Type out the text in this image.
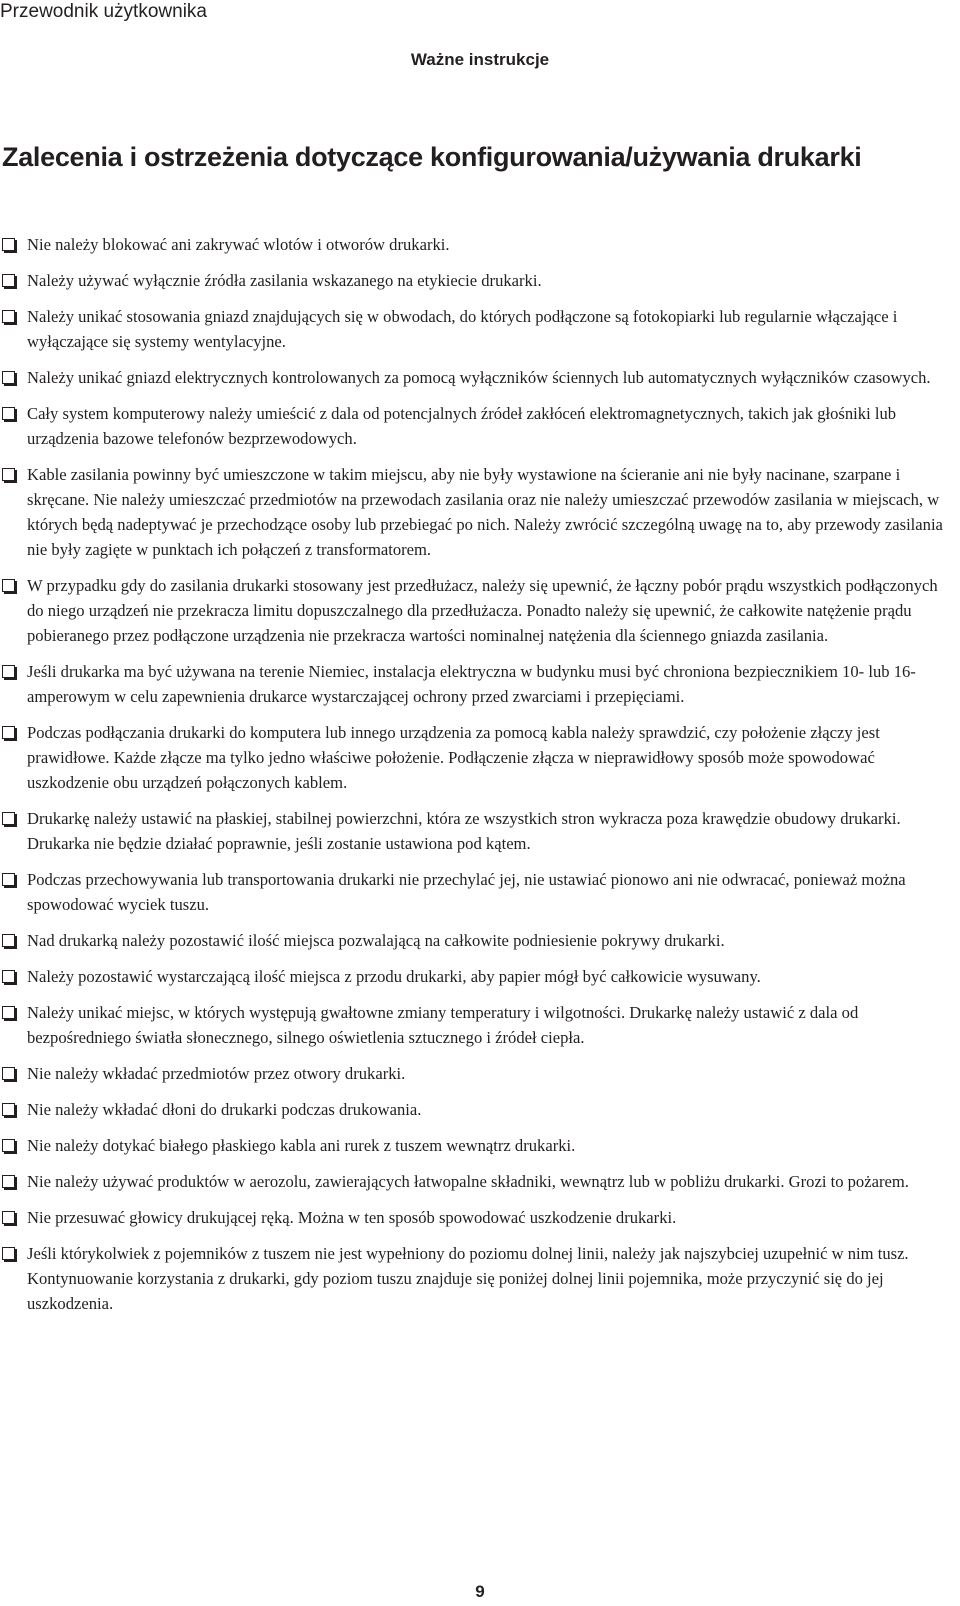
Przewodnik użytkownika
Ważne instrukcje
Zalecenia i ostrzeżenia dotyczące konfigurowania/używania drukarki
Nie należy blokować ani zakrywać wlotów i otworów drukarki.
Należy używać wyłącznie źródła zasilania wskazanego na etykiecie drukarki.
Należy unikać stosowania gniazd znajdujących się w obwodach, do których podłączone są fotokopiarki lub regularnie włączające i wyłączające się systemy wentylacyjne.
Należy unikać gniazd elektrycznych kontrolowanych za pomocą wyłączników ściennych lub automatycznych wyłączników czasowych.
Cały system komputerowy należy umieścić z dala od potencjalnych źródeł zakłóceń elektromagnetycznych, takich jak głośniki lub urządzenia bazowe telefonów bezprzewodowych.
Kable zasilania powinny być umieszczone w takim miejscu, aby nie były wystawione na ścieranie ani nie były nacinane, szarpane i skręcane. Nie należy umieszczać przedmiotów na przewodach zasilania oraz nie należy umieszczać przewodów zasilania w miejscach, w których będą nadeptywać je przechodzące osoby lub przebiegać po nich. Należy zwrócić szczególną uwagę na to, aby przewody zasilania nie były zagięte w punktach ich połączeń z transformatorem.
W przypadku gdy do zasilania drukarki stosowany jest przedłużacz, należy się upewnić, że łączny pobór prądu wszystkich podłączonych do niego urządzeń nie przekracza limitu dopuszczalnego dla przedłużacza. Ponadto należy się upewnić, że całkowite natężenie prądu pobieranego przez podłączone urządzenia nie przekracza wartości nominalnej natężenia dla ściennego gniazda zasilania.
Jeśli drukarka ma być używana na terenie Niemiec, instalacja elektryczna w budynku musi być chroniona bezpiecznikiem 10- lub 16-amperowym w celu zapewnienia drukarce wystarczającej ochrony przed zwarciami i przepięciami.
Podczas podłączania drukarki do komputera lub innego urządzenia za pomocą kabla należy sprawdzić, czy położenie złączy jest prawidłowe. Każde złącze ma tylko jedno właściwe położenie. Podłączenie złącza w nieprawidłowy sposób może spowodować uszkodzenie obu urządzeń połączonych kablem.
Drukarkę należy ustawić na płaskiej, stabilnej powierzchni, która ze wszystkich stron wykracza poza krawędzie obudowy drukarki. Drukarka nie będzie działać poprawnie, jeśli zostanie ustawiona pod kątem.
Podczas przechowywania lub transportowania drukarki nie przechylać jej, nie ustawiać pionowo ani nie odwracać, ponieważ można spowodować wyciek tuszu.
Nad drukarką należy pozostawić ilość miejsca pozwalającą na całkowite podniesienie pokrywy drukarki.
Należy pozostawić wystarczającą ilość miejsca z przodu drukarki, aby papier mógł być całkowicie wysuwany.
Należy unikać miejsc, w których występują gwałtowne zmiany temperatury i wilgotności. Drukarkę należy ustawić z dala od bezpośredniego światła słonecznego, silnego oświetlenia sztucznego i źródeł ciepła.
Nie należy wkładać przedmiotów przez otwory drukarki.
Nie należy wkładać dłoni do drukarki podczas drukowania.
Nie należy dotykać białego płaskiego kabla ani rurek z tuszem wewnątrz drukarki.
Nie należy używać produktów w aerozolu, zawierających łatwopalne składniki, wewnątrz lub w pobliżu drukarki. Grozi to pożarem.
Nie przesuwać głowicy drukującej ręką. Można w ten sposób spowodować uszkodzenie drukarki.
Jeśli którykolwiek z pojemników z tuszem nie jest wypełniony do poziomu dolnej linii, należy jak najszybciej uzupełnić w nim tusz. Kontynuowanie korzystania z drukarki, gdy poziom tuszu znajduje się poniżej dolnej linii pojemnika, może przyczynić się do jej uszkodzenia.
9
